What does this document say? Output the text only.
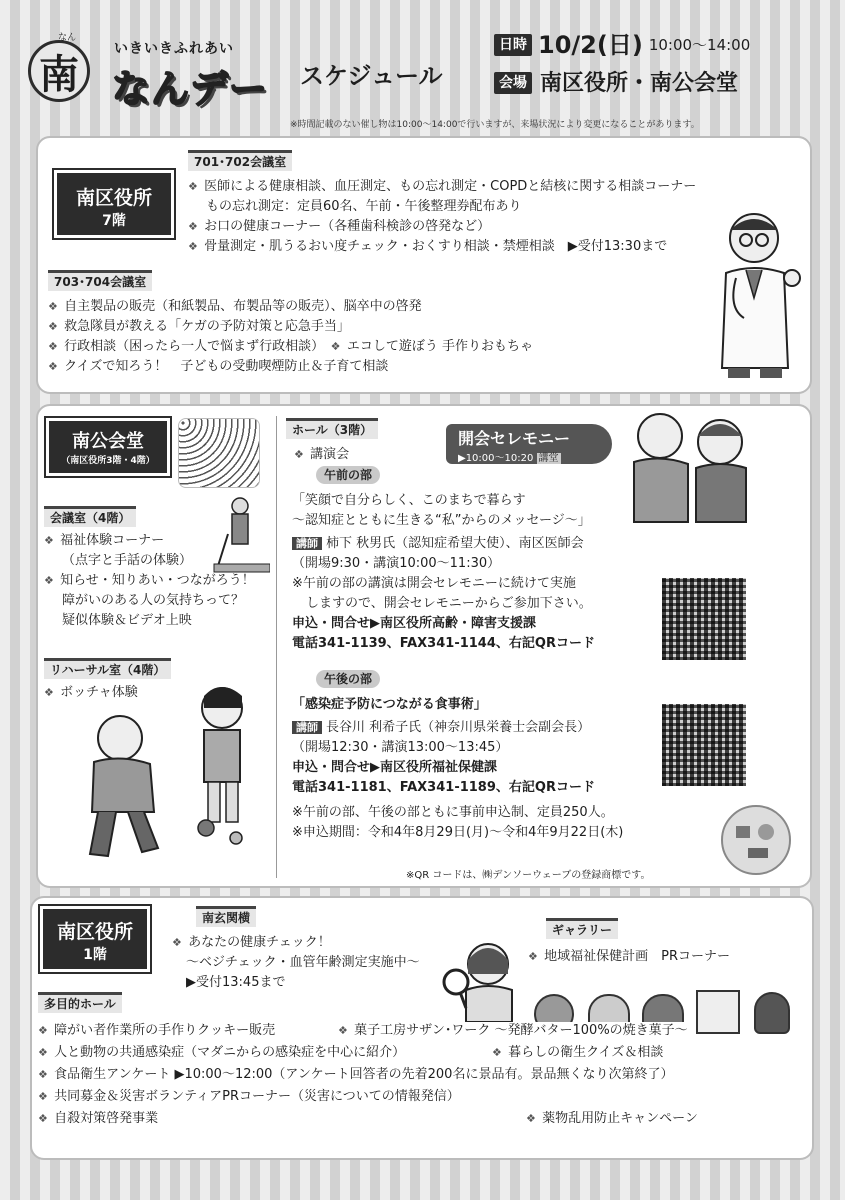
南
なん
いきいきふれあい
なんデー スケジュール
日時 10/2(日) 10:00〜14:00
会場 南区役所・南公会堂
※時間記載のない催し物は10:00〜14:00で行いますが、来場状況により変更になることがあります。
南区役所
7階
701･702会議室
❖ 医師による健康相談、血圧測定、もの忘れ測定・COPDと結核に関する相談コーナー
もの忘れ測定：定員60名、午前・午後整理券配布あり
❖ お口の健康コーナー（各種歯科検診の啓発など）
❖ 骨量測定・肌うるおい度チェック・おくすり相談・禁煙相談　▶受付13:30まで
703･704会議室
❖ 自主製品の販売（和紙製品、布製品等の販売）、脳卒中の啓発
❖ 救急隊員が教える「ケガの予防対策と応急手当」
❖ 行政相談（困ったら一人で悩まず行政相談）　 ❖ エコして遊ぼう 手作りおもちゃ
❖ クイズで知ろう！　子どもの受動喫煙防止＆子育て相談
南公会堂
（南区役所3階・4階）
会議室（4階）
❖ 福祉体験コーナー
（点字と手話の体験）
❖ 知らせ・知りあい・つながろう！
障がいのある人の気持ちって？
疑似体験＆ビデオ上映
リハーサル室（4階）
❖ ボッチャ体験
ホール（3階）
❖ 講演会
開会セレモニー
▶10:00〜10:20 講堂
午前の部
「笑顔で自分らしく、このまちで暮らす
〜認知症とともに生きる“私”からのメッセージ〜」
講師 柿下 秋男氏（認知症希望大使）、南区医師会
（開場9:30・講演10:00〜11:30）
※午前の部の講演は開会セレモニーに続けて実施
しますので、開会セレモニーからご参加下さい。
申込・問合せ▶南区役所高齢・障害支援課
電話341-1139、FAX341-1144、右記QRコード
午後の部
「感染症予防につながる食事術」
講師 長谷川 利希子氏（神奈川県栄養士会副会長）
（開場12:30・講演13:00〜13:45）
申込・問合せ▶南区役所福祉保健課
電話341-1181、FAX341-1189、右記QRコード
※午前の部、午後の部ともに事前申込制、定員250人。
※申込期間：令和4年8月29日(月)〜令和4年9月22日(木)
※QR コードは、㈱デンソーウェーブの登録商標です。
南区役所
1階
南玄関横
❖ あなたの健康チェック！
〜ベジチェック・血管年齢測定実施中〜
▶受付13:45まで
ギャラリー
❖ 地域福祉保健計画　PRコーナー
多目的ホール
❖ 障がい者作業所の手作りクッキー販売
❖ 人と動物の共通感染症（マダニからの感染症を中心に紹介）
❖ 食品衛生アンケート ▶10:00〜12:00（アンケート回答者の先着200名に景品有。景品無くなり次第終了）
❖ 共同募金＆災害ボランティアPRコーナー（災害についての情報発信）
❖ 自殺対策啓発事業
❖ 菓子工房サザン･ワーク 〜発酵バター100%の焼き菓子〜
❖ 暮らしの衛生クイズ＆相談
❖ 薬物乱用防止キャンペーン
